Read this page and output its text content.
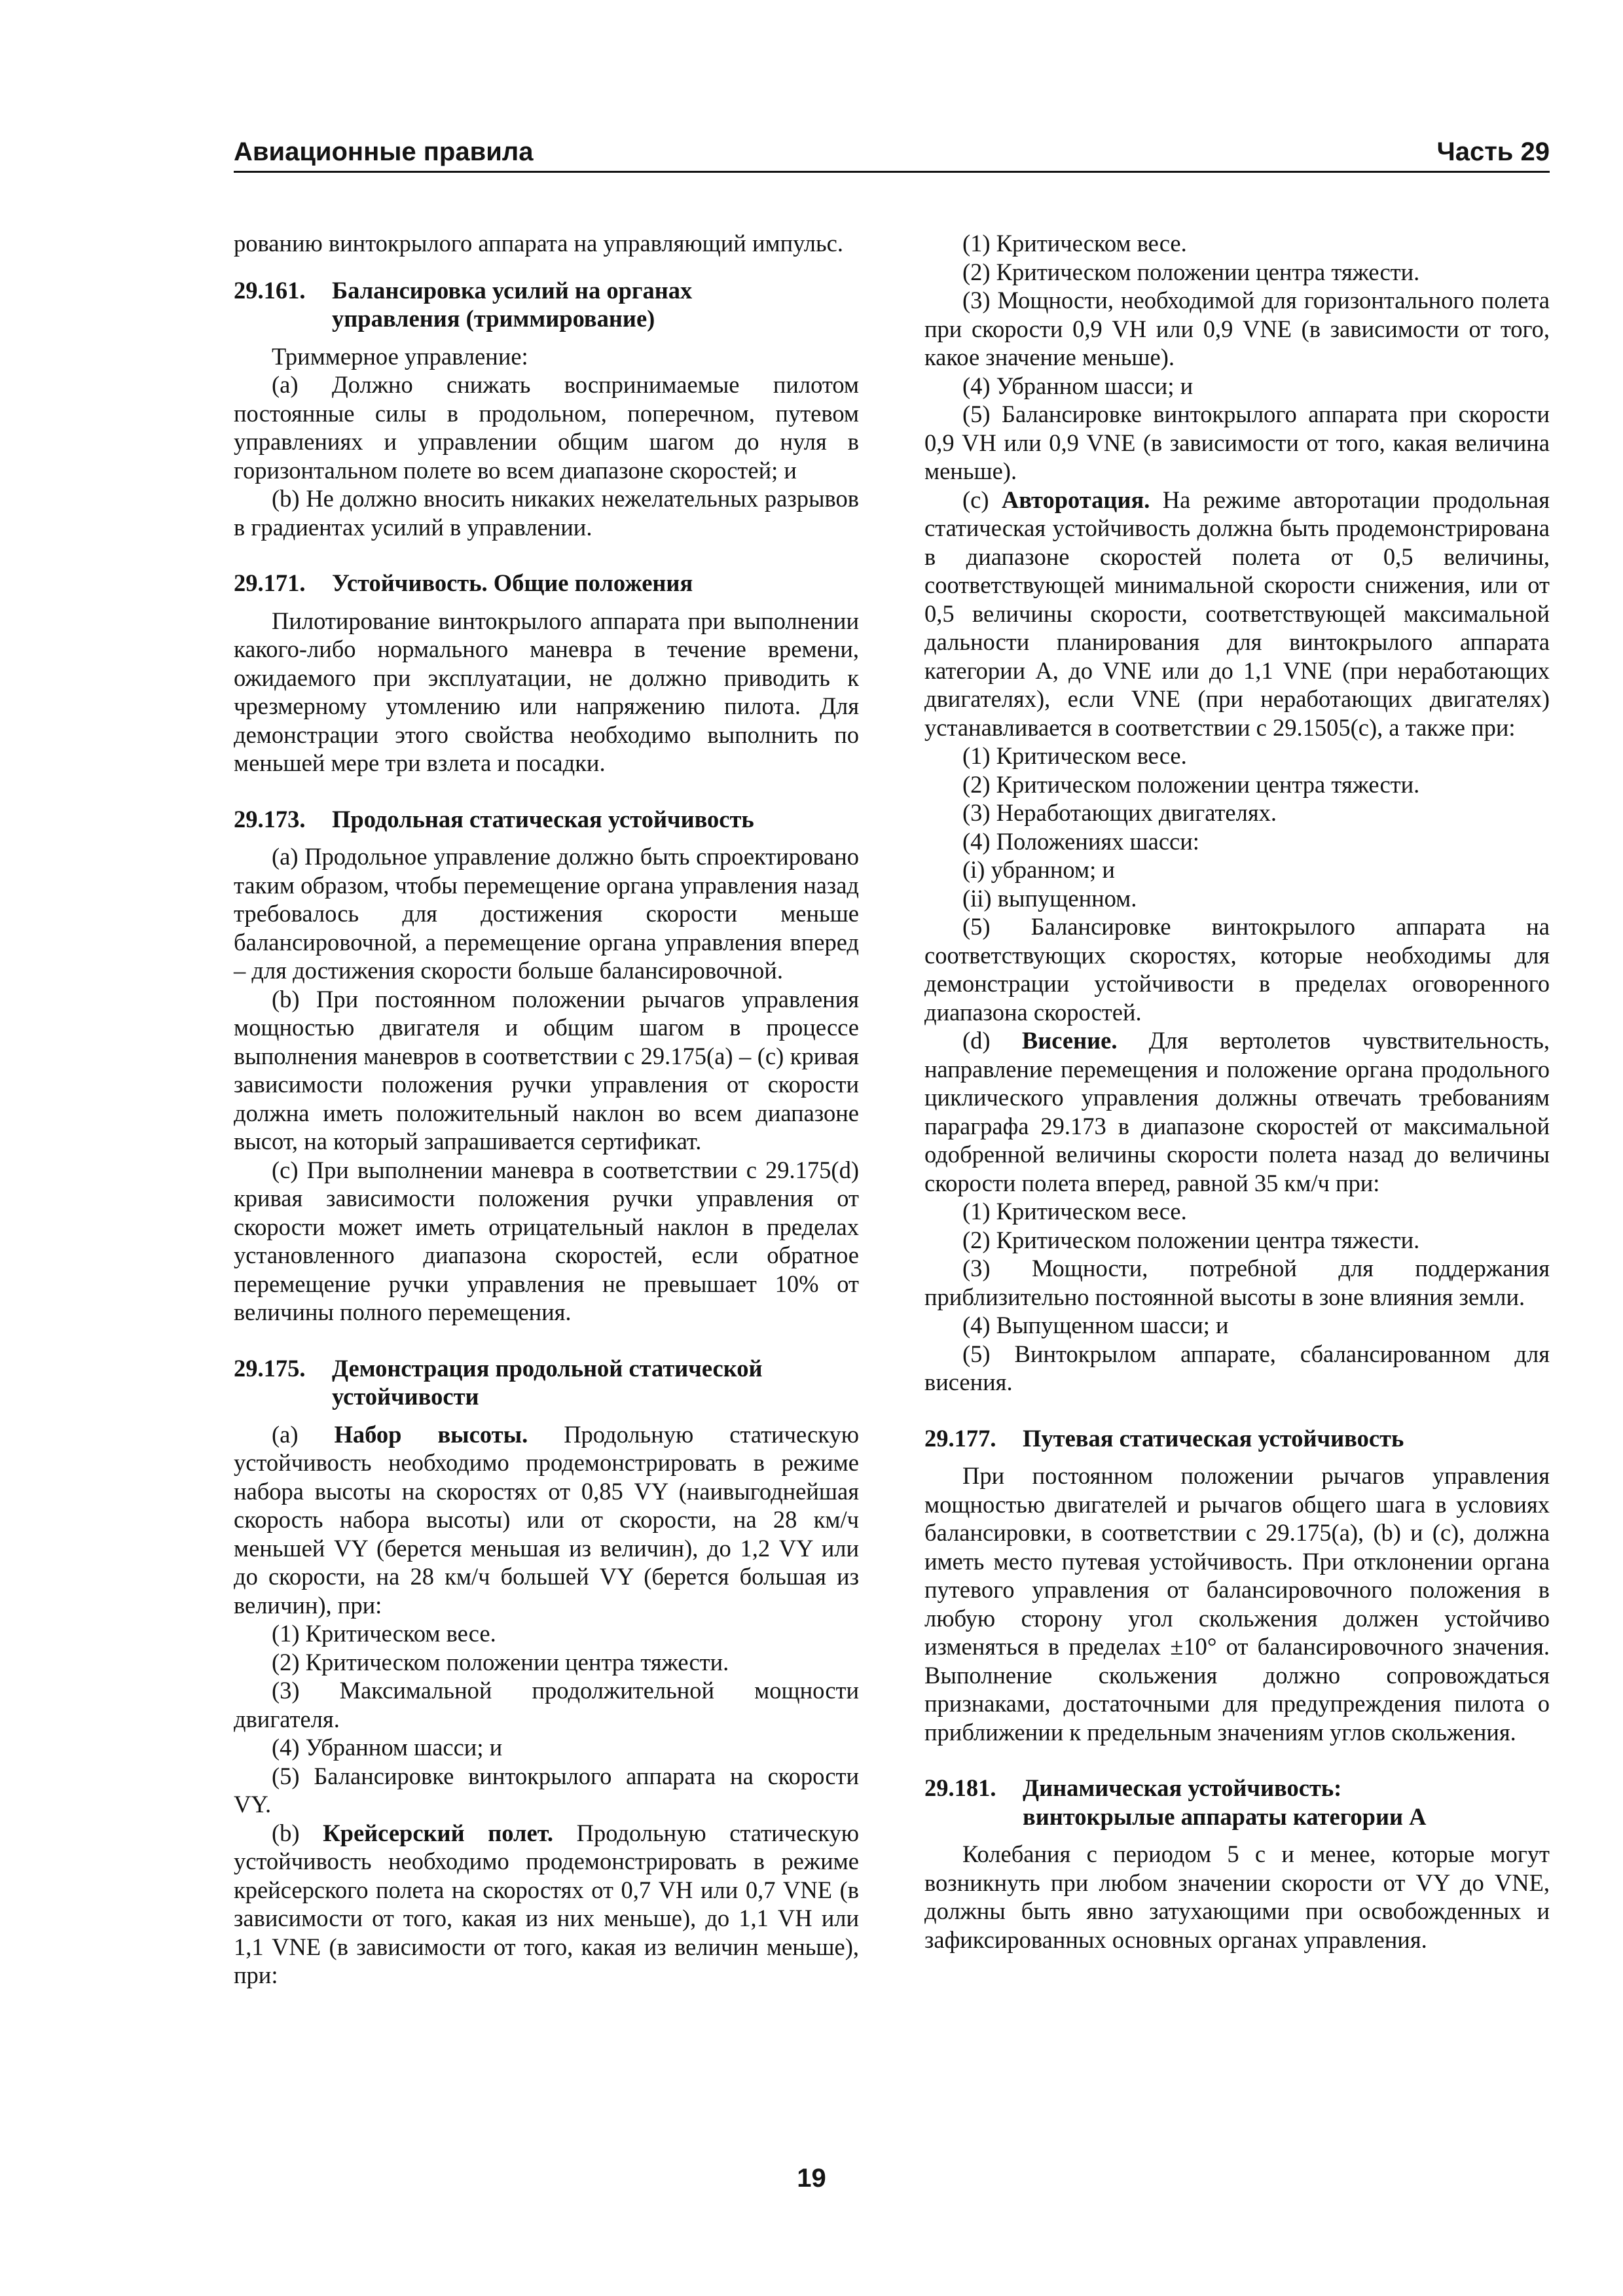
Авиационные правила	Часть 29

рованию винтокрылого аппарата на управляющий импульс.

29.161. Балансировка усилий на органах
управления (триммирование)

Триммерное управление:

(a) Должно снижать воспринимаемые пилотом постоянные силы в продольном, поперечном, путевом управлениях и управлении общим шагом до нуля в горизонтальном полете во всем диапазоне скоростей; и

(b) Не должно вносить никаких нежелательных разрывов в градиентах усилий в управлении.

29.171. Устойчивость. Общие положения

Пилотирование винтокрылого аппарата при выполнении какого-либо нормального маневра в течение времени, ожидаемого при эксплуатации, не должно приводить к чрезмерному утомлению или напряжению пилота. Для демонстрации этого свойства необходимо выполнить по меньшей мере три взлета и посадки.

29.173. Продольная статическая устойчивость

(a) Продольное управление должно быть спроектировано таким образом, чтобы перемещение органа управления назад требовалось для достижения скорости меньше балансировочной, а перемещение органа управления вперед – для достижения скорости больше балансировочной.

(b) При постоянном положении рычагов управления мощностью двигателя и общим шагом в процессе выполнения маневров в соответствии с 29.175(a) – (c) кривая зависимости положения ручки управления от скорости должна иметь положительный наклон во всем диапазоне высот, на который запрашивается сертификат.

(c) При выполнении маневра в соответствии с 29.175(d) кривая зависимости положения ручки управления от скорости может иметь отрицательный наклон в пределах установленного диапазона скоростей, если обратное перемещение ручки управления не превышает 10% от величины полного перемещения.

29.175. Демонстрация продольной статической
устойчивости

(a) Набор высоты. Продольную статическую устойчивость необходимо продемонстрировать в режиме набора высоты на скоростях от 0,85 VY (наивыгоднейшая скорость набора высоты) или от скорости, на 28 км/ч меньшей VY (берется меньшая из величин), до 1,2 VY или до скорости, на 28 км/ч большей VY (берется большая из величин), при:

(1) Критическом весе.

(2) Критическом положении центра тяжести.

(3) Максимальной продолжительной мощности двигателя.

(4) Убранном шасси; и

(5) Балансировке винтокрылого аппарата на скорости VY.

(b) Крейсерский полет. Продольную статическую устойчивость необходимо продемонстрировать в режиме крейсерского полета на скоростях от 0,7 VH или 0,7 VNE (в зависимости от того, какая из них меньше), до 1,1 VH или 1,1 VNE (в зависимости от того, какая из величин меньше), при:

(1) Критическом весе.

(2) Критическом положении центра тяжести.

(3) Мощности, необходимой для горизонтального полета при скорости 0,9 VH или 0,9 VNE (в зависимости от того, какое значение меньше).

(4) Убранном шасси; и

(5) Балансировке винтокрылого аппарата при скорости 0,9 VH или 0,9 VNE (в зависимости от того, какая величина меньше).

(c) Авторотация. На режиме авторотации продольная статическая устойчивость должна быть продемонстрирована в диапазоне скоростей полета от 0,5 величины, соответствующей минимальной скорости снижения, или от 0,5 величины скорости, соответствующей максимальной дальности планирования для винтокрылого аппарата категории А, до VNE или до 1,1 VNE (при неработающих двигателях), если VNE (при неработающих двигателях) устанавливается в соответствии с 29.1505(c), а также при:

(1) Критическом весе.

(2) Критическом положении центра тяжести.

(3) Неработающих двигателях.

(4) Положениях шасси:

(i) убранном; и

(ii) выпущенном.

(5) Балансировке винтокрылого аппарата на соответствующих скоростях, которые необходимы для демонстрации устойчивости в пределах оговоренного диапазона скоростей.

(d) Висение. Для вертолетов чувствительность, направление перемещения и положение органа продольного циклического управления должны отвечать требованиям параграфа 29.173 в диапазоне скоростей от максимальной одобренной величины скорости полета назад до величины скорости полета вперед, равной 35 км/ч при:

(1) Критическом весе.

(2) Критическом положении центра тяжести.

(3) Мощности, потребной для поддержания приблизительно постоянной высоты в зоне влияния земли.

(4) Выпущенном шасси; и

(5) Винтокрылом аппарате, сбалансированном для висения.

29.177. Путевая статическая устойчивость

При постоянном положении рычагов управления мощностью двигателей и рычагов общего шага в условиях балансировки, в соответствии с 29.175(a), (b) и (c), должна иметь место путевая устойчивость. При отклонении органа путевого управления от балансировочного положения в любую сторону угол скольжения должен устойчиво изменяться в пределах ±10° от балансировочного значения. Выполнение скольжения должно сопровождаться признаками, достаточными для предупреждения пилота о приближении к предельным значениям углов скольжения.

29.181. Динамическая устойчивость:
винтокрылые аппараты категории А

Колебания с периодом 5 с и менее, которые могут возникнуть при любом значении скорости от VY до VNE, должны быть явно затухающими при освобожденных и зафиксированных основных органах управления.

19
